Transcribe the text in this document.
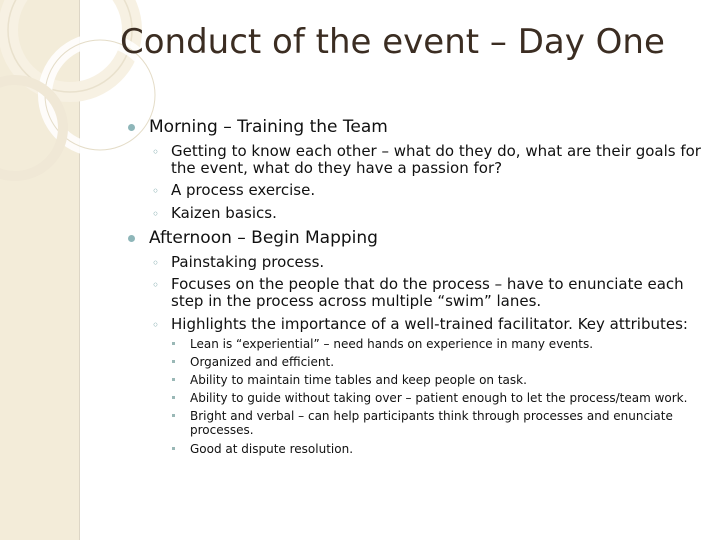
Conduct of the event – Day One
Morning – Training the Team
◦ Getting to know each other – what do they do, what are their goals for
the event, what do they have a passion for?
◦ A process exercise.
◦ Kaizen basics.
Afternoon – Begin Mapping
◦ Painstaking process.
◦ Focuses on the people that do the process – have to enunciate each
step in the process across multiple “swim” lanes.
◦ Highlights the importance of a well-trained facilitator. Key attributes:
Lean is “experiential” – need hands on experience in many events.
Organized and efficient.
Ability to maintain time tables and keep people on task.
Ability to guide without taking over – patient enough to let the process/team work.
Bright and verbal – can help participants think through processes and enunciate
processes.
Good at dispute resolution.
